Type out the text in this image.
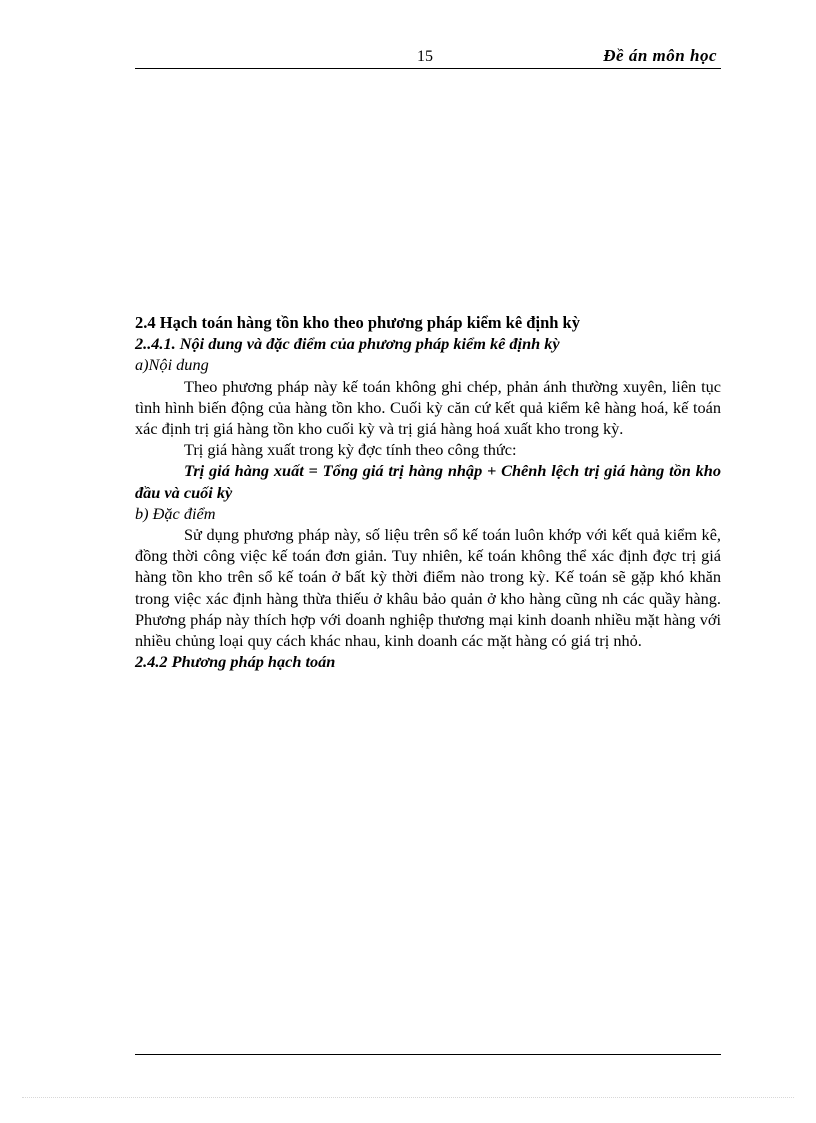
15	Đề án môn học

2.4 Hạch toán hàng tồn kho theo phương pháp kiểm kê định kỳ

2..4.1. Nội dung và đặc điểm của phương pháp kiểm kê định kỳ

a)Nội dung

Theo phương pháp này kế toán không ghi chép, phản ánh thường xuyên, liên tục tình hình biến động của hàng tồn kho. Cuối kỳ căn cứ kết quả kiểm kê hàng hoá, kế toán xác định trị giá hàng tồn kho cuối kỳ và trị giá hàng hoá xuất kho trong kỳ.

Trị giá hàng xuất trong kỳ đợc tính theo công thức:

Trị giá hàng xuất = Tổng giá trị hàng nhập + Chênh lệch trị giá hàng tồn kho đầu và cuối kỳ

b) Đặc điểm

Sử dụng phương pháp này, số liệu trên sổ kế toán luôn khớp với kết quả kiểm kê, đồng thời công việc kế toán đơn giản. Tuy nhiên, kế toán không thể xác định đợc trị giá hàng tồn kho trên sổ kế toán ở bất kỳ thời điểm nào trong kỳ. Kế toán sẽ gặp khó khăn trong việc xác định hàng thừa thiếu ở khâu bảo quản ở kho hàng cũng nh các quầy hàng. Phương pháp này thích hợp với doanh nghiệp thương mại kinh doanh nhiều mặt hàng với nhiều chủng loại quy cách khác nhau, kinh doanh các mặt hàng có giá trị nhỏ.

2.4.2 Phương pháp hạch toán
